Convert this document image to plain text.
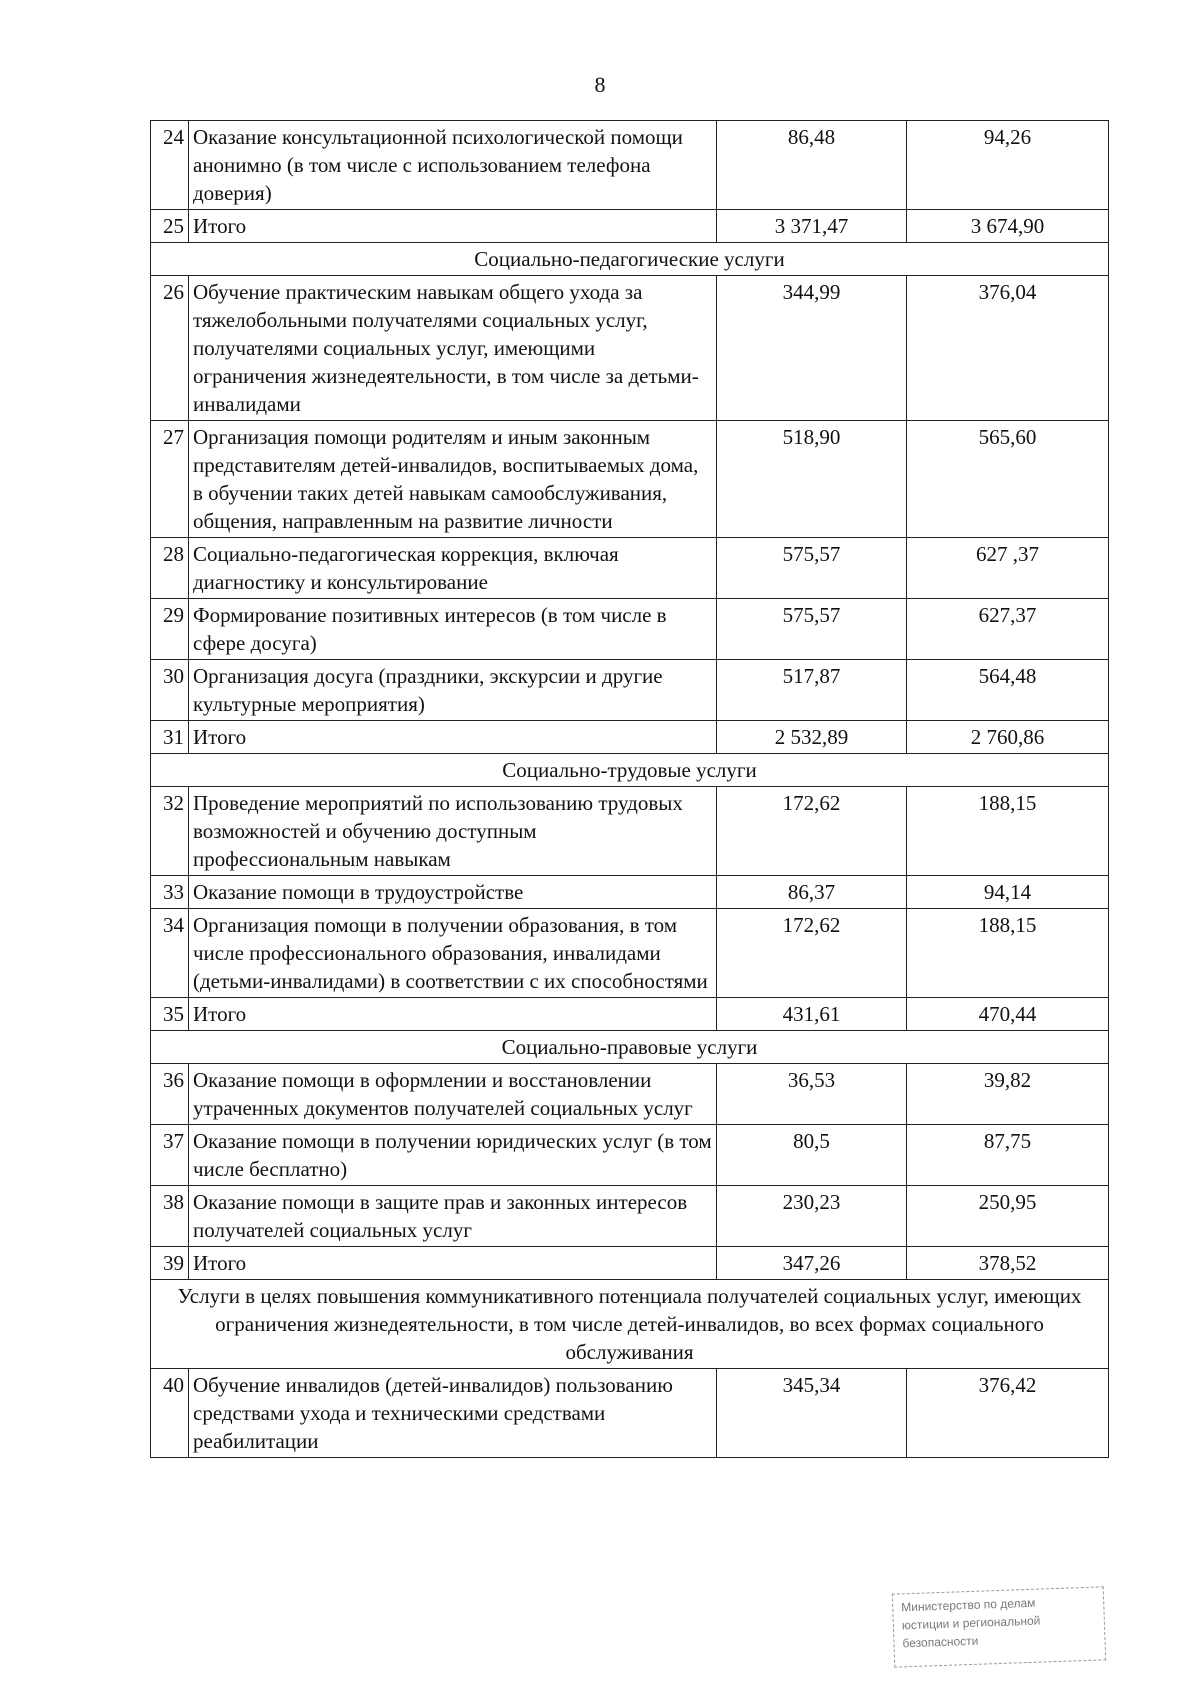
8
24	Оказание консультационной психологической помощи анонимно (в том числе с использованием телефона доверия)	86,48	94,26
25	Итого	3 371,47	3 674,90
Социально-педагогические услуги			
26	Обучение практическим навыкам общего ухода за тяжелобольными получателями социальных услуг, получателями социальных услуг, имеющими ограничения жизнедеятельности, в том числе за детьми-инвалидами	344,99	376,04
27	Организация помощи родителям и иным законным представителям детей-инвалидов, воспитываемых дома, в обучении таких детей навыкам самообслуживания, общения, направленным на развитие личности	518,90	565,60
28	Социально-педагогическая коррекция, включая диагностику и консультирование	575,57	627 ,37
29	Формирование позитивных интересов (в том числе в сфере досуга)	575,57	627,37
30	Организация досуга (праздники, экскурсии и другие культурные мероприятия)	517,87	564,48
31	Итого	2 532,89	2 760,86
Социально-трудовые услуги			
32	Проведение мероприятий по использованию трудовых возможностей и обучению доступным профессиональным навыкам	172,62	188,15
33	Оказание помощи в трудоустройстве	86,37	94,14
34	Организация помощи в получении образования, в том числе профессионального образования, инвалидами (детьми-инвалидами) в соответствии с их способностями	172,62	188,15
35	Итого	431,61	470,44
Социально-правовые услуги			
36	Оказание помощи в оформлении и восстановлении утраченных документов получателей социальных услуг	36,53	39,82
37	Оказание помощи в получении юридических услуг (в том числе бесплатно)	80,5	87,75
38	Оказание помощи в защите прав и законных интересов получателей социальных услуг	230,23	250,95
39	Итого	347,26	378,52
Услуги в целях повышения коммуникативного потенциала получателей социальных услуг, имеющих ограничения жизнедеятельности, в том числе детей-инвалидов, во всех формах социального обслуживания			
40	Обучение инвалидов (детей-инвалидов) пользованию средствами ухода и техническими средствами реабилитации	345,34	376,42
Министерство по делам
юстиции и региональной
безопасности
